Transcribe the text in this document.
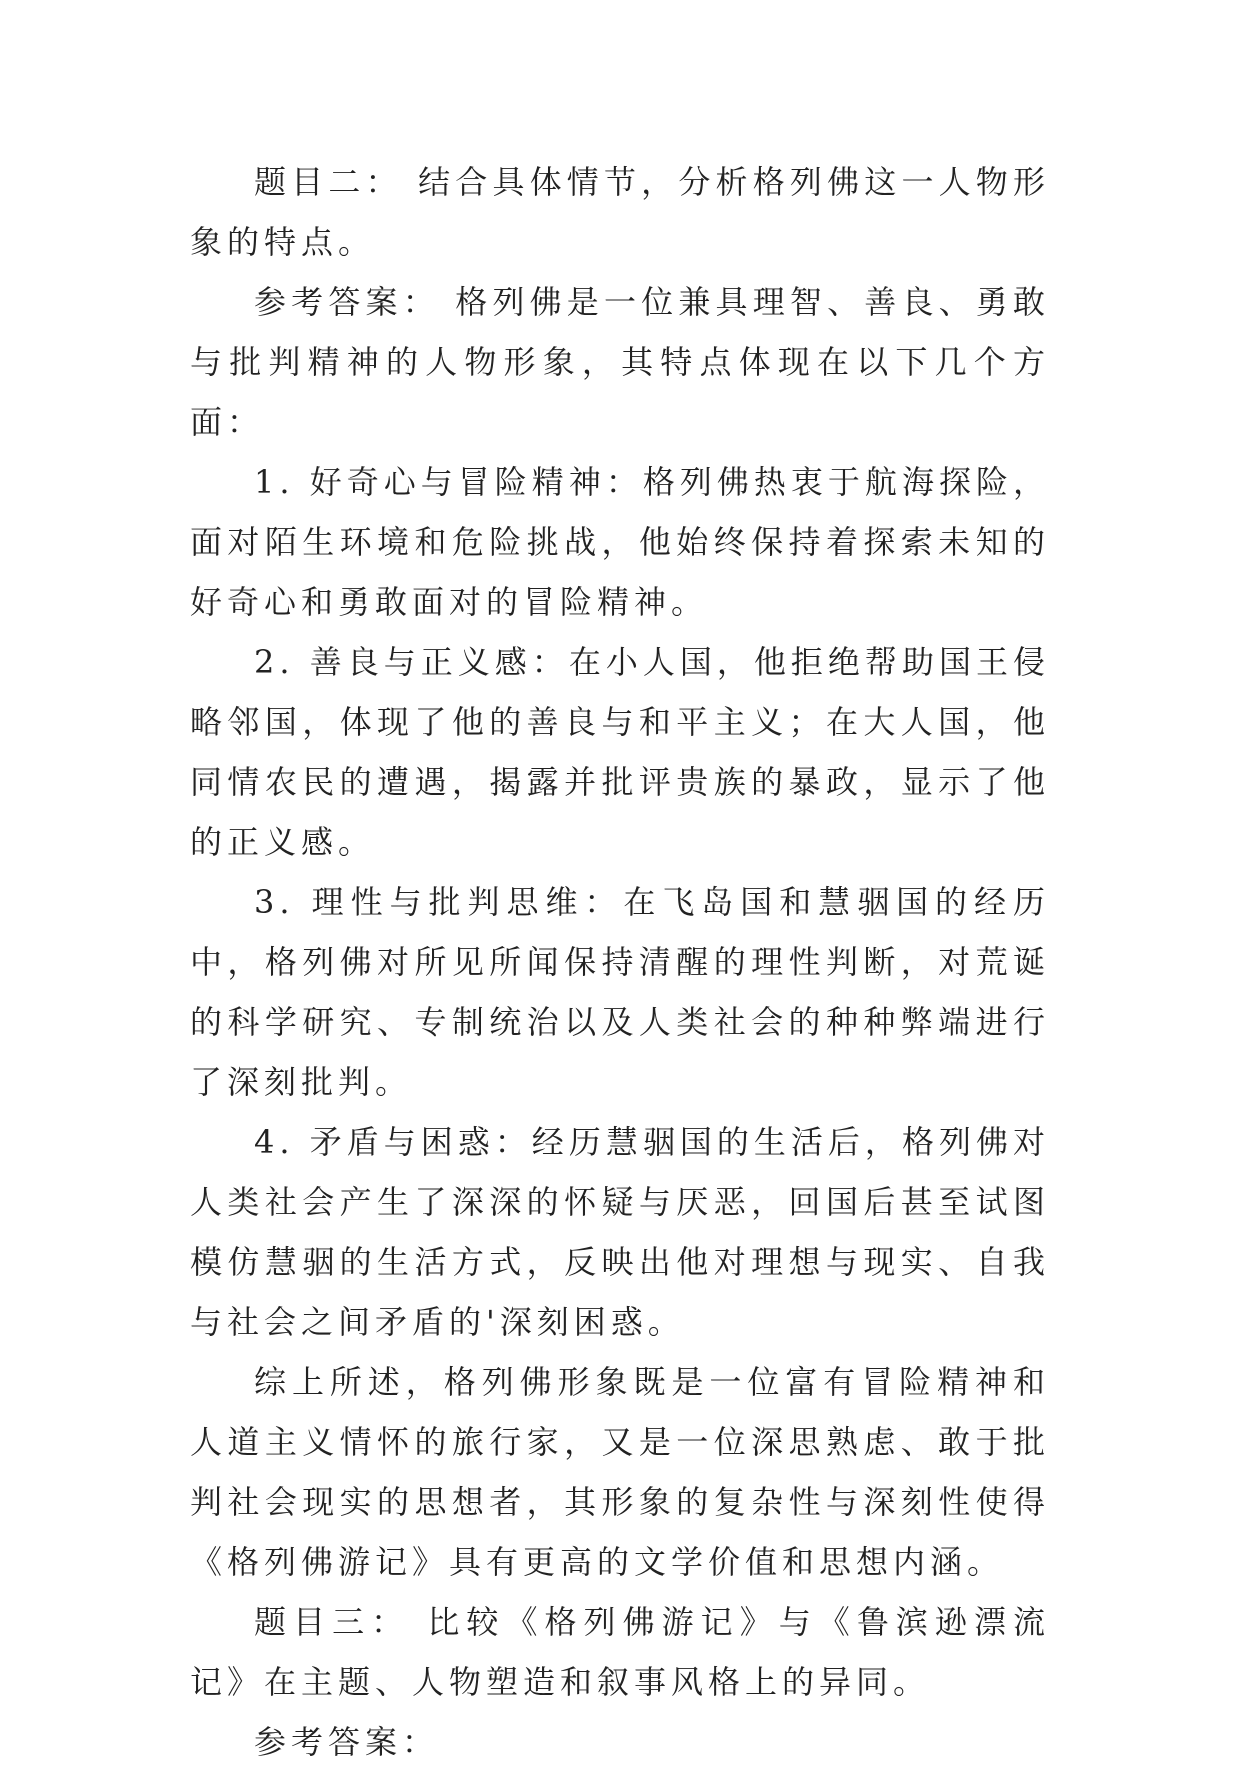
题目二： 结合具体情节，分析格列佛这一人物形象的特点。

参考答案： 格列佛是一位兼具理智、善良、勇敢与批判精神的人物形象，其特点体现在以下几个方面：

1. 好奇心与冒险精神：格列佛热衷于航海探险，面对陌生环境和危险挑战，他始终保持着探索未知的好奇心和勇敢面对的冒险精神。

2. 善良与正义感：在小人国，他拒绝帮助国王侵略邻国，体现了他的善良与和平主义；在大人国，他同情农民的遭遇，揭露并批评贵族的暴政，显示了他的正义感。

3. 理性与批判思维：在飞岛国和慧骃国的经历中，格列佛对所见所闻保持清醒的理性判断，对荒诞的科学研究、专制统治以及人类社会的种种弊端进行了深刻批判。

4. 矛盾与困惑：经历慧骃国的生活后，格列佛对人类社会产生了深深的怀疑与厌恶，回国后甚至试图模仿慧骃的生活方式，反映出他对理想与现实、自我与社会之间矛盾的'深刻困惑。

综上所述，格列佛形象既是一位富有冒险精神和人道主义情怀的旅行家，又是一位深思熟虑、敢于批判社会现实的思想者，其形象的复杂性与深刻性使得《格列佛游记》具有更高的文学价值和思想内涵。

题目三： 比较《格列佛游记》与《鲁滨逊漂流记》在主题、人物塑造和叙事风格上的异同。

参考答案：
